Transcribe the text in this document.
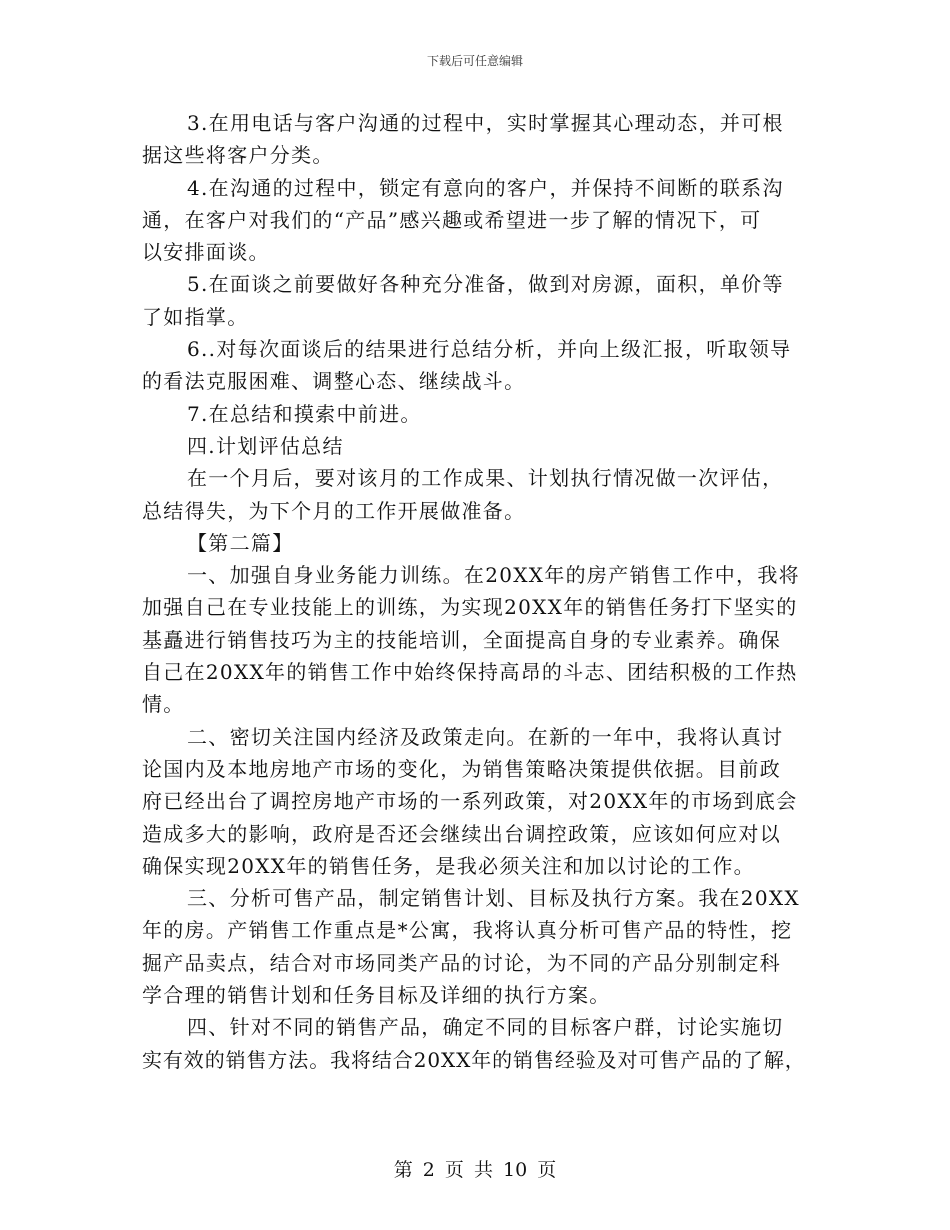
下载后可任意编辑
3.在用电话与客户沟通的过程中，实时掌握其心理动态，并可根
据这些将客户分类。
4.在沟通的过程中，锁定有意向的客户，并保持不间断的联系沟
通，在客户对我们的“产品”感兴趣或希望进一步了解的情况下，可
以安排面谈。
5.在面谈之前要做好各种充分准备，做到对房源，面积，单价等
了如指掌。
6..对每次面谈后的结果进行总结分析，并向上级汇报，听取领导
的看法克服困难、调整心态、继续战斗。
7.在总结和摸索中前进。
四.计划评估总结
在一个月后，要对该月的工作成果、计划执行情况做一次评估，
总结得失，为下个月的工作开展做准备。
【第二篇】
一、加强自身业务能力训练。在20XX年的房产销售工作中，我将
加强自己在专业技能上的训练，为实现20XX年的销售任务打下坚实的
基矗进行销售技巧为主的技能培训，全面提高自身的专业素养。确保
自己在20XX年的销售工作中始终保持高昂的斗志、团结积极的工作热
情。
二、密切关注国内经济及政策走向。在新的一年中，我将认真讨
论国内及本地房地产市场的变化，为销售策略决策提供依据。目前政
府已经出台了调控房地产市场的一系列政策，对20XX年的市场到底会
造成多大的影响，政府是否还会继续出台调控政策，应该如何应对以
确保实现20XX年的销售任务，是我必须关注和加以讨论的工作。
三、分析可售产品，制定销售计划、目标及执行方案。我在20XX
年的房。产销售工作重点是*公寓，我将认真分析可售产品的特性，挖
掘产品卖点，结合对市场同类产品的讨论，为不同的产品分别制定科
学合理的销售计划和任务目标及详细的执行方案。
四、针对不同的销售产品，确定不同的目标客户群，讨论实施切
实有效的销售方法。我将结合20XX年的销售经验及对可售产品的了解，
第 2 页 共 10 页
